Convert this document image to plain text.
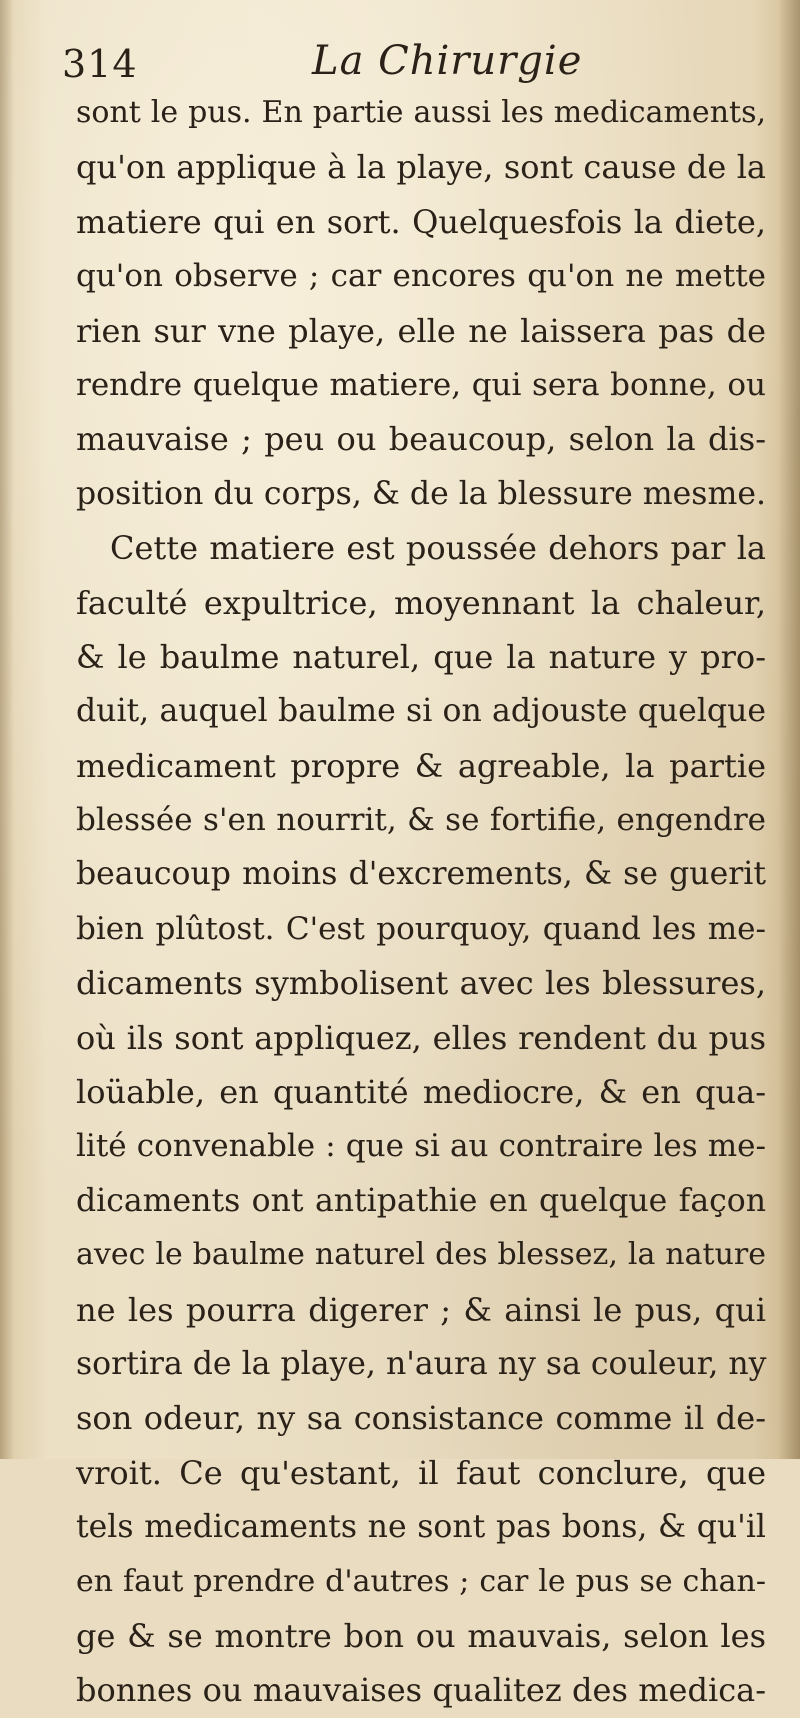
314	La Chirurgie
sont le pus. En partie aussi les medicaments,
qu'on applique à la playe, sont cause de la
matiere qui en sort. Quelquesfois la diete,
qu'on observe ; car encores qu'on ne mette
rien sur vne playe, elle ne laissera pas de
rendre quelque matiere, qui sera bonne, ou
mauvaise ; peu ou beaucoup, selon la dis-
position du corps, & de la blessure mesme.
Cette matiere est poussée dehors par la
faculté expultrice, moyennant la chaleur,
& le baulme naturel, que la nature y pro-
duit, auquel baulme si on adjouste quelque
medicament propre & agreable, la partie
blessée s'en nourrit, & se fortifie, engendre
beaucoup moins d'excrements, & se guerit
bien plûtost. C'est pourquoy, quand les me-
dicaments symbolisent avec les blessures,
où ils sont appliquez, elles rendent du pus
loüable, en quantité mediocre, & en qua-
lité convenable : que si au contraire les me-
dicaments ont antipathie en quelque façon
avec le baulme naturel des blessez, la nature
ne les pourra digerer ; & ainsi le pus, qui
sortira de la playe, n'aura ny sa couleur, ny
son odeur, ny sa consistance comme il de-
vroit. Ce qu'estant, il faut conclure, que
tels medicaments ne sont pas bons, & qu'il
en faut prendre d'autres ; car le pus se chan-
ge & se montre bon ou mauvais, selon les
bonnes ou mauvaises qualitez des medica-
